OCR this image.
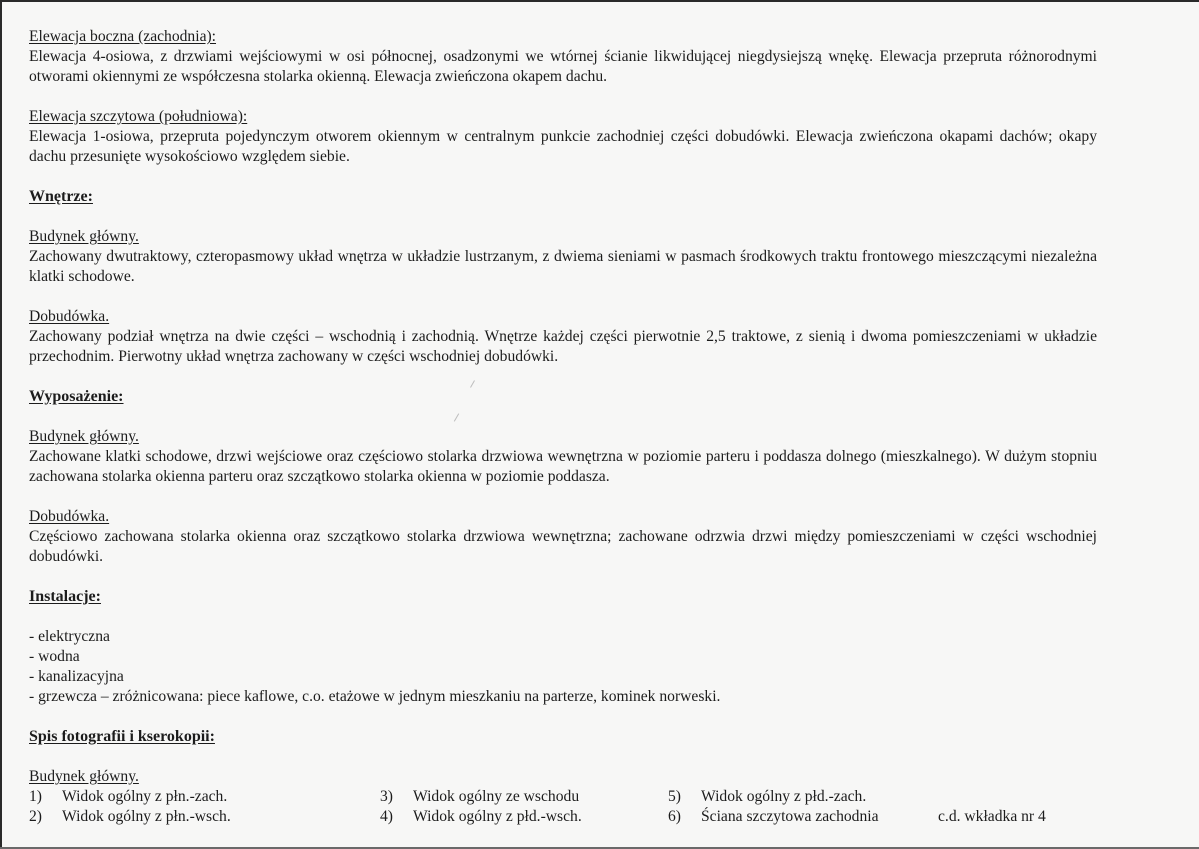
Elewacja boczna (zachodnia):

Elewacja 4-osiowa, z drzwiami wejściowymi w osi północnej, osadzonymi we wtórnej ścianie likwidującej niegdysiejszą wnękę. Elewacja przepruta różnorodnymi otworami okiennymi ze współczesna stolarka okienną. Elewacja zwieńczona okapem dachu.

Elewacja szczytowa (południowa):

Elewacja 1-osiowa, przepruta pojedynczym otworem okiennym w centralnym punkcie zachodniej części dobudówki. Elewacja zwieńczona okapami dachów; okapy dachu przesunięte wysokościowo względem siebie.

Wnętrze:
Budynek główny.

Zachowany dwutraktowy, czteropasmowy układ wnętrza w układzie lustrzanym, z dwiema sieniami w pasmach środkowych traktu frontowego mieszczącymi niezależna klatki schodowe.

Dobudówka.

Zachowany podział wnętrza na dwie części – wschodnią i zachodnią. Wnętrze każdej części pierwotnie 2,5 traktowe, z sienią i dwoma pomieszczeniami w układzie przechodnim. Pierwotny układ wnętrza zachowany w części wschodniej dobudówki.

Wyposażenie:
Budynek główny.

Zachowane klatki schodowe, drzwi wejściowe oraz częściowo stolarka drzwiowa wewnętrzna w poziomie parteru i poddasza dolnego (mieszkalnego). W dużym stopniu zachowana stolarka okienna parteru oraz szczątkowo stolarka okienna w poziomie poddasza.

Dobudówka.

Częściowo zachowana stolarka okienna oraz szczątkowo stolarka drzwiowa wewnętrzna; zachowane odrzwia drzwi między pomieszczeniami w części wschodniej dobudówki.

Instalacje:
- elektryczna
- wodna
- kanalizacyjna
- grzewcza – zróżnicowana: piece kaflowe, c.o. etażowe w jednym mieszkaniu na parterze, kominek norweski.
Spis fotografii i kserokopii:
Budynek główny.
1) Widok ogólny z płn.-zach.
2) Widok ogólny z płn.-wsch.
3) Widok ogólny ze wschodu
4) Widok ogólny z płd.-wsch.
5) Widok ogólny z płd.-zach.
6) Ściana szczytowa zachodnia	c.d. wkładka nr 4
